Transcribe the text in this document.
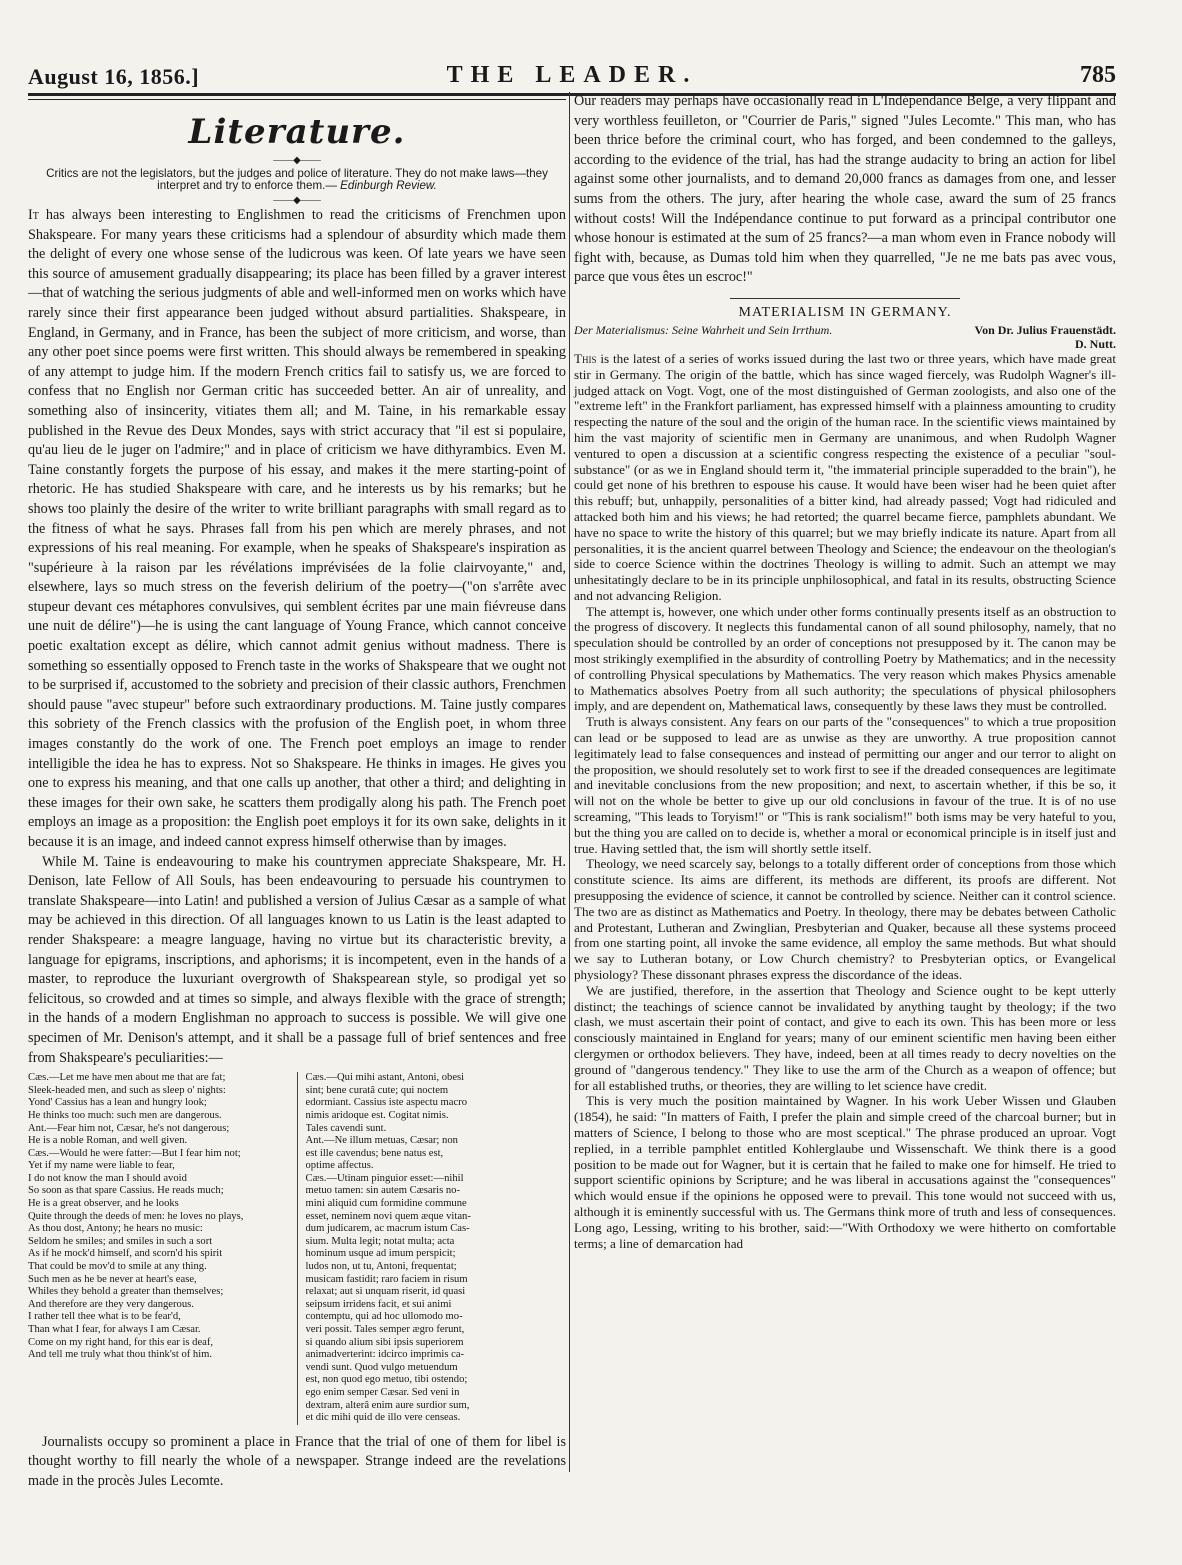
August 16, 1856.]	THE LEADER.	785
Literature.
——◆——
Critics are not the legislators, but the judges and police of literature. They do not make laws—they interpret and try to enforce them.— Edinburgh Review.
——◆——

It has always been interesting to Englishmen to read the criticisms of Frenchmen upon Shakspeare. For many years these criticisms had a splendour of absurdity which made them the delight of every one whose sense of the ludicrous was keen. Of late years we have seen this source of amusement gradually disappearing; its place has been filled by a graver interest—that of watching the serious judgments of able and well-informed men on works which have rarely since their first appearance been judged without absurd partialities. Shakspeare, in England, in Germany, and in France, has been the subject of more criticism, and worse, than any other poet since poems were first written. This should always be remembered in speaking of any attempt to judge him. If the modern French critics fail to satisfy us, we are forced to confess that no English nor German critic has succeeded better. An air of unreality, and something also of insincerity, vitiates them all; and M. Taine, in his remarkable essay published in the Revue des Deux Mondes, says with strict accuracy that "il est si populaire, qu'au lieu de le juger on l'admire;" and in place of criticism we have dithyrambics. Even M. Taine constantly forgets the purpose of his essay, and makes it the mere starting-point of rhetoric. He has studied Shakspeare with care, and he interests us by his remarks; but he shows too plainly the desire of the writer to write brilliant paragraphs with small regard as to the fitness of what he says. Phrases fall from his pen which are merely phrases, and not expressions of his real meaning. For example, when he speaks of Shakspeare's inspiration as "supérieure à la raison par les révélations imprévisées de la folie clairvoyante," and, elsewhere, lays so much stress on the feverish delirium of the poetry—("on s'arrête avec stupeur devant ces métaphores convulsives, qui semblent écrites par une main fiévreuse dans une nuit de délire")—he is using the cant language of Young France, which cannot conceive poetic exaltation except as délire, which cannot admit genius without madness. There is something so essentially opposed to French taste in the works of Shakspeare that we ought not to be surprised if, accustomed to the sobriety and precision of their classic authors, Frenchmen should pause "avec stupeur" before such extraordinary productions. M. Taine justly compares this sobriety of the French classics with the profusion of the English poet, in whom three images constantly do the work of one. The French poet employs an image to render intelligible the idea he has to express. Not so Shakspeare. He thinks in images. He gives you one to express his meaning, and that one calls up another, that other a third; and delighting in these images for their own sake, he scatters them prodigally along his path. The French poet employs an image as a proposition: the English poet employs it for its own sake, delights in it because it is an image, and indeed cannot express himself otherwise than by images.

While M. Taine is endeavouring to make his countrymen appreciate Shakspeare, Mr. H. Denison, late Fellow of All Souls, has been endeavouring to persuade his countrymen to translate Shakspeare—into Latin! and published a version of Julius Cæsar as a sample of what may be achieved in this direction. Of all languages known to us Latin is the least adapted to render Shakspeare: a meagre language, having no virtue but its characteristic brevity, a language for epigrams, inscriptions, and aphorisms; it is incompetent, even in the hands of a master, to reproduce the luxuriant overgrowth of Shakspearean style, so prodigal yet so felicitous, so crowded and at times so simple, and always flexible with the grace of strength; in the hands of a modern Englishman no approach to success is possible. We will give one specimen of Mr. Denison's attempt, and it shall be a passage full of brief sentences and free from Shakspeare's peculiarities:—

Cæs.—Let me have men about me that are fat;
Sleek-headed men, and such as sleep o' nights:
Yond' Cassius has a lean and hungry look;
He thinks too much: such men are dangerous.
Ant.—Fear him not, Cæsar, he's not dangerous;
He is a noble Roman, and well given.
Cæs.—Would he were fatter:—But I fear him not;
Yet if my name were liable to fear,
I do not know the man I should avoid
So soon as that spare Cassius. He reads much;
He is a great observer, and he looks
Quite through the deeds of men: he loves no plays,
As thou dost, Antony; he hears no music:
Seldom he smiles; and smiles in such a sort
As if he mock'd himself, and scorn'd his spirit
That could be mov'd to smile at any thing.
Such men as he be never at heart's ease,
Whiles they behold a greater than themselves;
And therefore are they very dangerous.
I rather tell thee what is to be fear'd,
Than what I fear, for always I am Cæsar.
Come on my right hand, for this ear is deaf,
And tell me truly what thou think'st of him.
Cæs.—Qui mihi astant, Antoni, obesi
sint; bene curatâ cute; qui noctem
edormiant. Cassius iste aspectu macro
nimis aridoque est. Cogitat nimis.
Tales cavendi sunt.
Ant.—Ne illum metuas, Cæsar; non
est ille cavendus; bene natus est,
optime affectus.
Cæs.—Utinam pinguior esset:—nihil
metuo tamen: sin autem Cæsaris no-
mini aliquid cum formidine commune
esset, neminem novi quem æque vitan-
dum judicarem, ac macrum istum Cas-
sium. Multa legit; notat multa; acta
hominum usque ad imum perspicit;
ludos non, ut tu, Antoni, frequentat;
musicam fastidit; raro faciem in risum
relaxat; aut si unquam riserit, id quasi
seipsum irridens facit, et sui animi
contemptu, qui ad hoc ullomodo mo-
veri possit. Tales semper ægro ferunt,
si quando alium sibi ipsis superiorem
animadverterint: idcirco imprimis ca-
vendi sunt. Quod vulgo metuendum
est, non quod ego metuo, tibi ostendo;
ego enim semper Cæsar. Sed veni in
dextram, alterâ enim aure surdior sum,
et dic mihi quid de illo vere censeas.

Journalists occupy so prominent a place in France that the trial of one of them for libel is thought worthy to fill nearly the whole of a newspaper. Strange indeed are the revelations made in the procès Jules Lecomte.

Our readers may perhaps have occasionally read in L'Indépendance Belge, a very flippant and very worthless feuilleton, or "Courrier de Paris," signed "Jules Lecomte." This man, who has been thrice before the criminal court, who has forged, and been condemned to the galleys, according to the evidence of the trial, has had the strange audacity to bring an action for libel against some other journalists, and to demand 20,000 francs as damages from one, and lesser sums from the others. The jury, after hearing the whole case, award the sum of 25 francs without costs! Will the Indépendance continue to put forward as a principal contributor one whose honour is estimated at the sum of 25 francs?—a man whom even in France nobody will fight with, because, as Dumas told him when they quarrelled, "Je ne me bats pas avec vous, parce que vous êtes un escroc!"

MATERIALISM IN GERMANY.
Der Materialismus: Seine Wahrheit und Sein Irrthum.	Von Dr. Julius Frauenstädt.
D. Nutt.

This is the latest of a series of works issued during the last two or three years, which have made great stir in Germany. The origin of the battle, which has since waged fiercely, was Rudolph Wagner's ill-judged attack on Vogt. Vogt, one of the most distinguished of German zoologists, and also one of the "extreme left" in the Frankfort parliament, has expressed himself with a plainness amounting to crudity respecting the nature of the soul and the origin of the human race. In the scientific views maintained by him the vast majority of scientific men in Germany are unanimous, and when Rudolph Wagner ventured to open a discussion at a scientific congress respecting the existence of a peculiar "soul-substance" (or as we in England should term it, "the immaterial principle superadded to the brain"), he could get none of his brethren to espouse his cause. It would have been wiser had he been quiet after this rebuff; but, unhappily, personalities of a bitter kind, had already passed; Vogt had ridiculed and attacked both him and his views; he had retorted; the quarrel became fierce, pamphlets abundant. We have no space to write the history of this quarrel; but we may briefly indicate its nature. Apart from all personalities, it is the ancient quarrel between Theology and Science; the endeavour on the theologian's side to coerce Science within the doctrines Theology is willing to admit. Such an attempt we may unhesitatingly declare to be in its principle unphilosophical, and fatal in its results, obstructing Science and not advancing Religion.

The attempt is, however, one which under other forms continually presents itself as an obstruction to the progress of discovery. It neglects this fundamental canon of all sound philosophy, namely, that no speculation should be controlled by an order of conceptions not presupposed by it. The canon may be most strikingly exemplified in the absurdity of controlling Poetry by Mathematics; and in the necessity of controlling Physical speculations by Mathematics. The very reason which makes Physics amenable to Mathematics absolves Poetry from all such authority; the speculations of physical philosophers imply, and are dependent on, Mathematical laws, consequently by these laws they must be controlled.

Truth is always consistent. Any fears on our parts of the "consequences" to which a true proposition can lead or be supposed to lead are as unwise as they are unworthy. A true proposition cannot legitimately lead to false consequences and instead of permitting our anger and our terror to alight on the proposition, we should resolutely set to work first to see if the dreaded consequences are legitimate and inevitable conclusions from the new proposition; and next, to ascertain whether, if this be so, it will not on the whole be better to give up our old conclusions in favour of the true. It is of no use screaming, "This leads to Toryism!" or "This is rank socialism!" both isms may be very hateful to you, but the thing you are called on to decide is, whether a moral or economical principle is in itself just and true. Having settled that, the ism will shortly settle itself.

Theology, we need scarcely say, belongs to a totally different order of conceptions from those which constitute science. Its aims are different, its methods are different, its proofs are different. Not presupposing the evidence of science, it cannot be controlled by science. Neither can it control science. The two are as distinct as Mathematics and Poetry. In theology, there may be debates between Catholic and Protestant, Lutheran and Zwinglian, Presbyterian and Quaker, because all these systems proceed from one starting point, all invoke the same evidence, all employ the same methods. But what should we say to Lutheran botany, or Low Church chemistry? to Presbyterian optics, or Evangelical physiology? These dissonant phrases express the discordance of the ideas.

We are justified, therefore, in the assertion that Theology and Science ought to be kept utterly distinct; the teachings of science cannot be invalidated by anything taught by theology; if the two clash, we must ascertain their point of contact, and give to each its own. This has been more or less consciously maintained in England for years; many of our eminent scientific men having been either clergymen or orthodox believers. They have, indeed, been at all times ready to decry novelties on the ground of "dangerous tendency." They like to use the arm of the Church as a weapon of offence; but for all established truths, or theories, they are willing to let science have credit.

This is very much the position maintained by Wagner. In his work Ueber Wissen und Glauben (1854), he said: "In matters of Faith, I prefer the plain and simple creed of the charcoal burner; but in matters of Science, I belong to those who are most sceptical." The phrase produced an uproar. Vogt replied, in a terrible pamphlet entitled Kohlerglaube und Wissenschaft. We think there is a good position to be made out for Wagner, but it is certain that he failed to make one for himself. He tried to support scientific opinions by Scripture; and he was liberal in accusations against the "consequences" which would ensue if the opinions he opposed were to prevail. This tone would not succeed with us, although it is eminently successful with us. The Germans think more of truth and less of consequences. Long ago, Lessing, writing to his brother, said:—"With Orthodoxy we were hitherto on comfortable terms; a line of demarcation had
